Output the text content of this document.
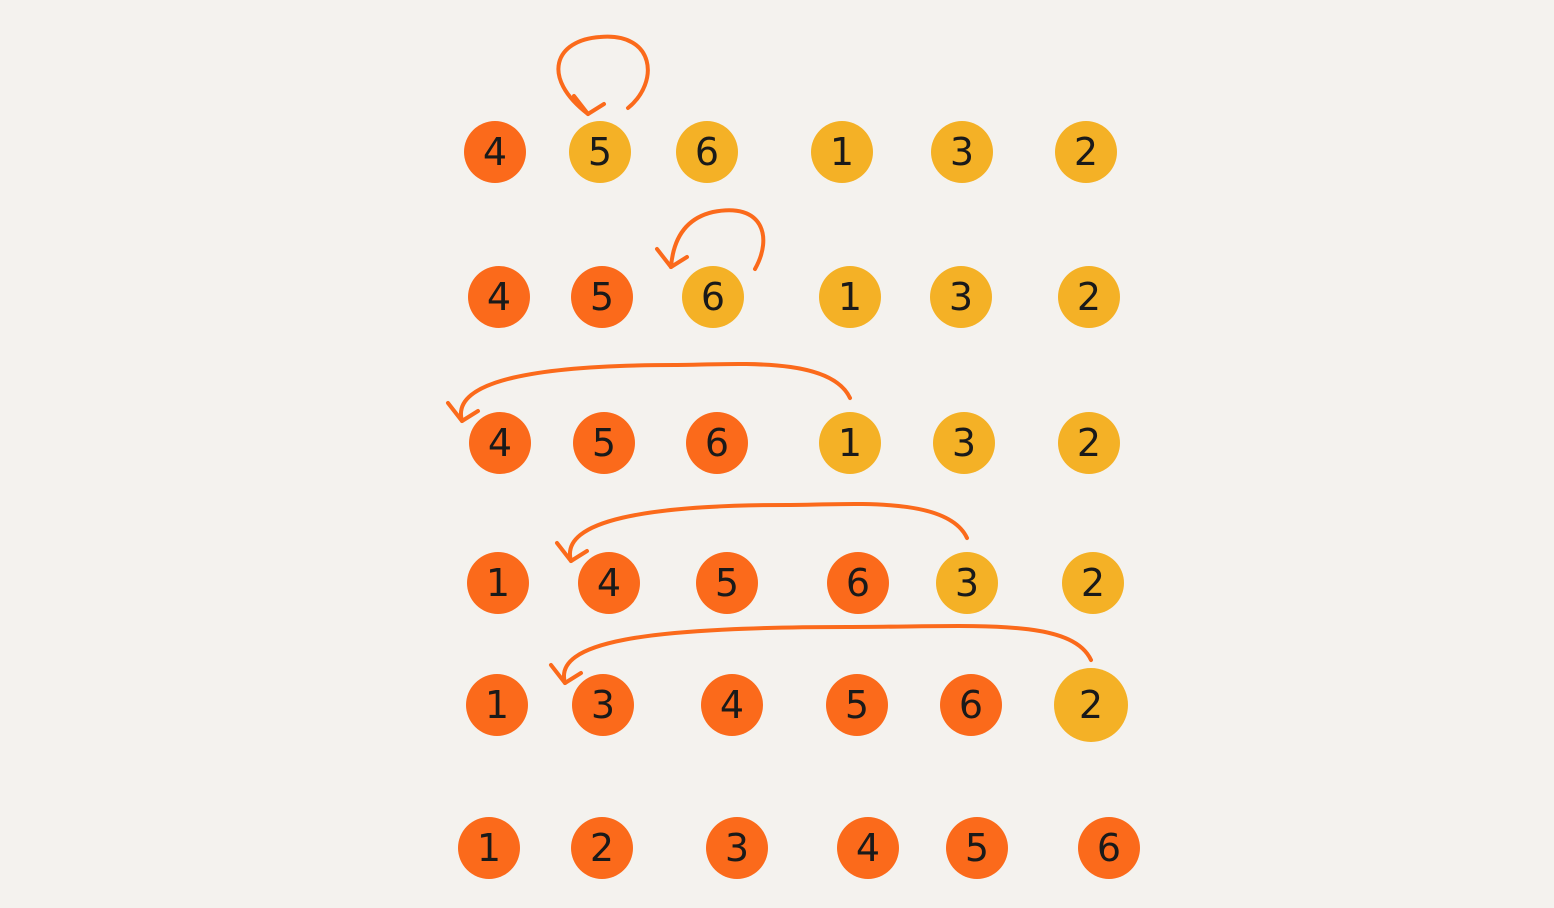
4 5 6	1	3	2
4 5 6	1 3	2
4 5 6	1 3	2
1 4 5	6 3	2
1 3	4	5 6	2
1 2	3	4 5	6
